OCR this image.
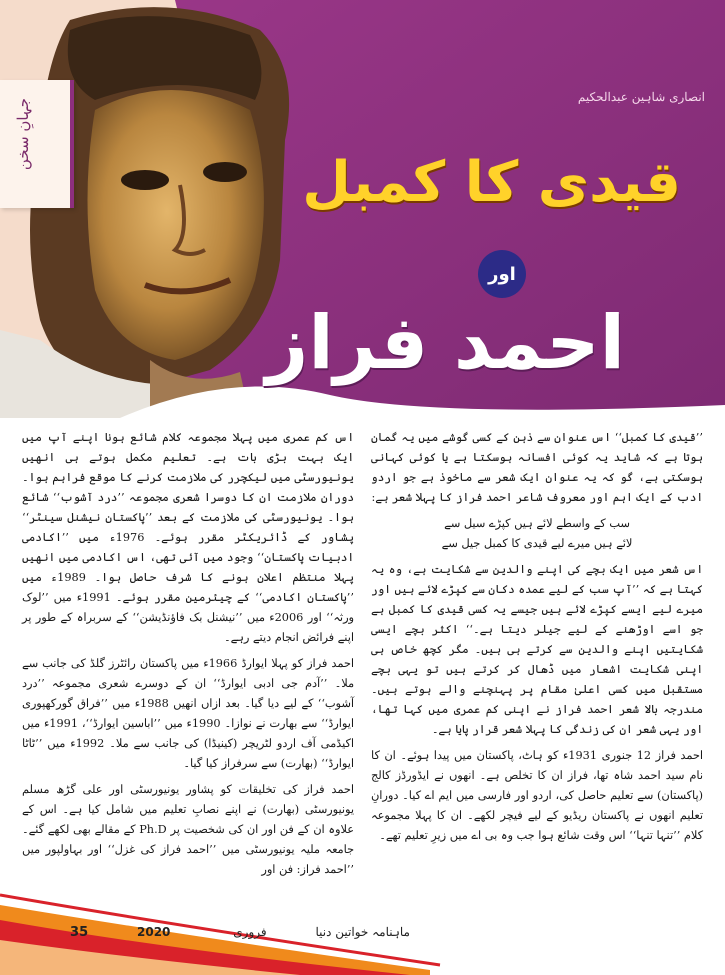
جہانِ سخن
انصاری شاہین عبدالحکیم
قیدی کا کمبل
اور
احمد فراز

’’قیدی کا کمبل‘‘ اس عنوان سے ذہن کے کسی گوشے میں یہ گمان ہوتا ہے کہ شاید یہ کوئی افسانہ ہوسکتا ہے یا کوئی کہانی ہوسکتی ہے، گو کہ یہ عنوان ایک شعر سے ماخوذ ہے جو اردو ادب کے ایک اہم اور معروف شاعر احمد فراز کا پہلا شعر ہے:

سب کے واسطے لائے ہیں کپڑے سیل سے
لائے ہیں میرے لیے قیدی کا کمبل جیل سے

اس شعر میں ایک بچے کی اپنے والدین سے شکایت ہے، وہ یہ کہتا ہے کہ ’’آپ سب کے لیے عمدہ دکان سے کپڑے لائے ہیں اور میرے لیے ایسے کپڑے لائے ہیں جیسے یہ کسی قیدی کا کمبل ہے جو اسے اوڑھنے کے لیے جیلر دیتا ہے۔‘‘ اکثر بچے ایسی شکایتیں اپنے والدین سے کرتے ہی ہیں۔ مگر کچھ خاص ہی اپنی شکایت اشعار میں ڈھال کر کرتے ہیں تو یہی بچے مستقبل میں کسی اعلیٰ مقام پر پہنچنے والے ہوتے ہیں۔ مندرجہ بالا شعر احمد فراز نے اپنی کم عمری میں کہا تھا، اور یہی شعر ان کی زندگی کا پہلا شعر قرار پایا ہے۔

احمد فراز 12 جنوری 1931ء کو ہاٹ، پاکستان میں پیدا ہوئے۔ ان کا نام سید احمد شاہ تھا، فراز ان کا تخلص ہے۔ انھوں نے ایڈورڈز کالج (پاکستان) سے تعلیم حاصل کی، اردو اور فارسی میں ایم اے کیا۔ دورانِ تعلیم انھوں نے پاکستان ریڈیو کے لیے فیچر لکھے۔ ان کا پہلا مجموعہ کلام ’’تنہا تنہا‘‘ اس وقت شائع ہوا جب وہ بی اے میں زیرِ تعلیم تھے۔

اس کم عمری میں پہلا مجموعہ کلام شائع ہونا اپنے آپ میں ایک بہت بڑی بات ہے۔ تعلیم مکمل ہوتے ہی انھیں یونیورسٹی میں لیکچرر کی ملازمت کرنے کا موقع فراہم ہوا۔ دورانِ ملازمت ان کا دوسرا شعری مجموعہ ’’درد آشوب‘‘ شائع ہوا۔ یونیورسٹی کی ملازمت کے بعد ’’پاکستان نیشنل سینٹر‘‘ پشاور کے ڈائریکٹر مقرر ہوئے۔ 1976ء میں ’’اکادمی ادبیات پاکستان‘‘ وجود میں آئی تھی، اس اکادمی میں انھیں پہلا منتظم اعلان ہونے کا شرف حاصل ہوا۔ 1989ء میں ’’پاکستان اکادمی‘‘ کے چیئرمین مقرر ہوئے۔ 1991ء میں ’’لوک ورثہ‘‘ اور 2006ء میں ’’نیشنل بک فاؤنڈیشن‘‘ کے سربراہ کے طور پر اپنے فرائض انجام دیتے رہے۔

احمد فراز کو پہلا ایوارڈ 1966ء میں پاکستان رائٹرز گلڈ کی جانب سے ملا۔ ’’آدم جی ادبی ایوارڈ‘‘ ان کے دوسرے شعری مجموعہ ’’درد آشوب‘‘ کے لیے دیا گیا۔ بعد ازاں انھیں 1988ء میں ’’فراق گورکھپوری ایوارڈ‘‘ سے بھارت نے نوازا۔ 1990ء میں ’’اباسین ایوارڈ‘‘، 1991ء میں اکیڈمی آف اردو لٹریچر (کینیڈا) کی جانب سے ملا۔ 1992ء میں ’’ٹاٹا ایوارڈ‘‘ (بھارت) سے سرفراز کیا گیا۔

احمد فراز کی تخلیقات کو پشاور یونیورسٹی اور علی گڑھ مسلم یونیورسٹی (بھارت) نے اپنے نصابِ تعلیم میں شامل کیا ہے۔ اس کے علاوہ ان کے فن اور ان کی شخصیت پر Ph.D کے مقالے بھی لکھے گئے۔ جامعہ ملیہ یونیورسٹی میں ’’احمد فراز کی غزل‘‘ اور بہاولپور میں ’’احمد فراز: فن اور

ماہنامہ خواتین دنیا
فروری
2020
35
